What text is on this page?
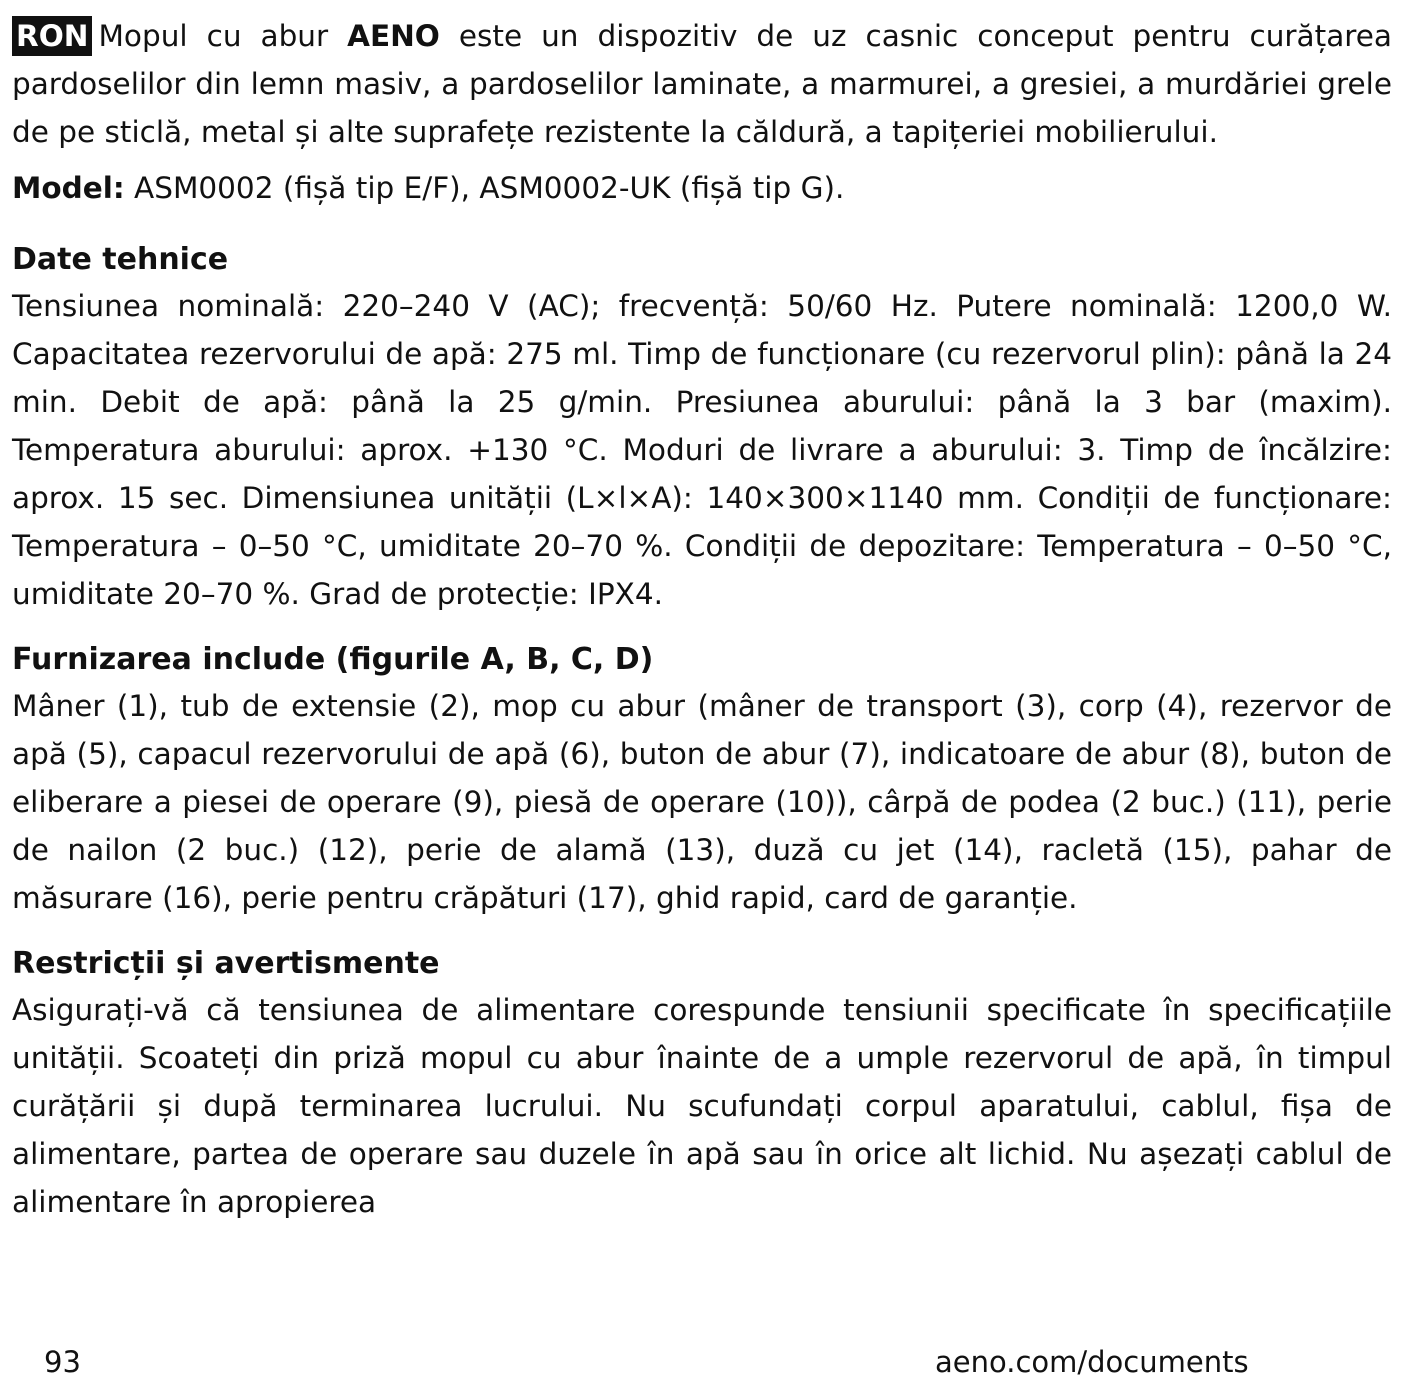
RON Mopul cu abur AENO este un dispozitiv de uz casnic conceput pentru curățarea pardoselilor din lemn masiv, a pardoselilor laminate, a marmurei, a gresiei, a murdăriei grele de pe sticlă, metal și alte suprafețe rezistente la căldură, a tapițeriei mobilierului.

Model: ASM0002 (fișă tip E/F), ASM0002-UK (fișă tip G).

Date tehnice

Tensiunea nominală: 220–240 V (AC); frecvență: 50/60 Hz. Putere nominală: 1200,0 W. Capacitatea rezervorului de apă: 275 ml. Timp de funcționare (cu rezervorul plin): până la 24 min. Debit de apă: până la 25 g/min. Presiunea aburului: până la 3 bar (maxim). Temperatura aburului: aprox. +130 °C. Moduri de livrare a aburului: 3. Timp de încălzire: aprox. 15 sec. Dimensiunea unității (L×l×A): 140×300×1140 mm. Condiții de funcționare: Temperatura – 0–50 °C, umiditate 20–70 %. Condiții de depozitare: Temperatura – 0–50 °C, umiditate 20–70 %. Grad de protecție: IPX4.

Furnizarea include (figurile A, B, C, D)

Mâner (1), tub de extensie (2), mop cu abur (mâner de transport (3), corp (4), rezervor de apă (5), capacul rezervorului de apă (6), buton de abur (7), indicatoare de abur (8), buton de eliberare a piesei de operare (9), piesă de operare (10)), cârpă de podea (2 buc.) (11), perie de nailon (2 buc.) (12), perie de alamă (13), duză cu jet (14), racletă (15), pahar de măsurare (16), perie pentru crăpături (17), ghid rapid, card de garanție.

Restricții și avertismente

Asigurați-vă că tensiunea de alimentare corespunde tensiunii specificate în specificațiile unității. Scoateți din priză mopul cu abur înainte de a umple rezervorul de apă, în timpul curățării și după terminarea lucrului. Nu scufundați corpul aparatului, cablul, fișa de alimentare, partea de operare sau duzele în apă sau în orice alt lichid. Nu așezați cablul de alimentare în apropierea

93	aeno.com/documents
